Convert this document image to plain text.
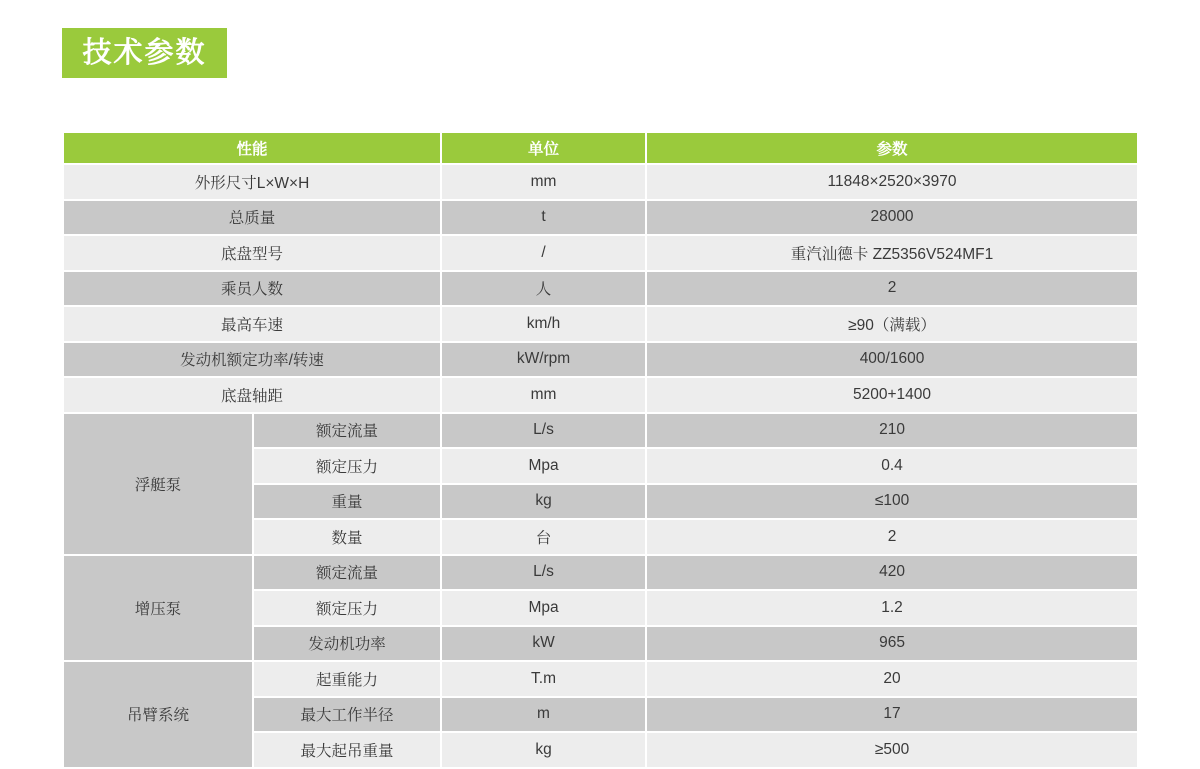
技术参数
性能		单位	参数
外形尺寸L×W×H		mm	11848×2520×3970
总质量		t	28000
底盘型号		/	重汽汕德卡 ZZ5356V524MF1
乘员人数		人	2
最高车速		km/h	≥90（满载）
发动机额定功率/转速		kW/rpm	400/1600
底盘轴距		mm	5200+1400
浮艇泵	额定流量	L/s	210
	额定压力	Mpa	0.4
	重量	kg	≤100
	数量	台	2
增压泵	额定流量	L/s	420
	额定压力	Mpa	1.2
	发动机功率	kW	965
吊臂系统	起重能力	T.m	20
	最大工作半径	m	17
	最大起吊重量	kg	≥500
